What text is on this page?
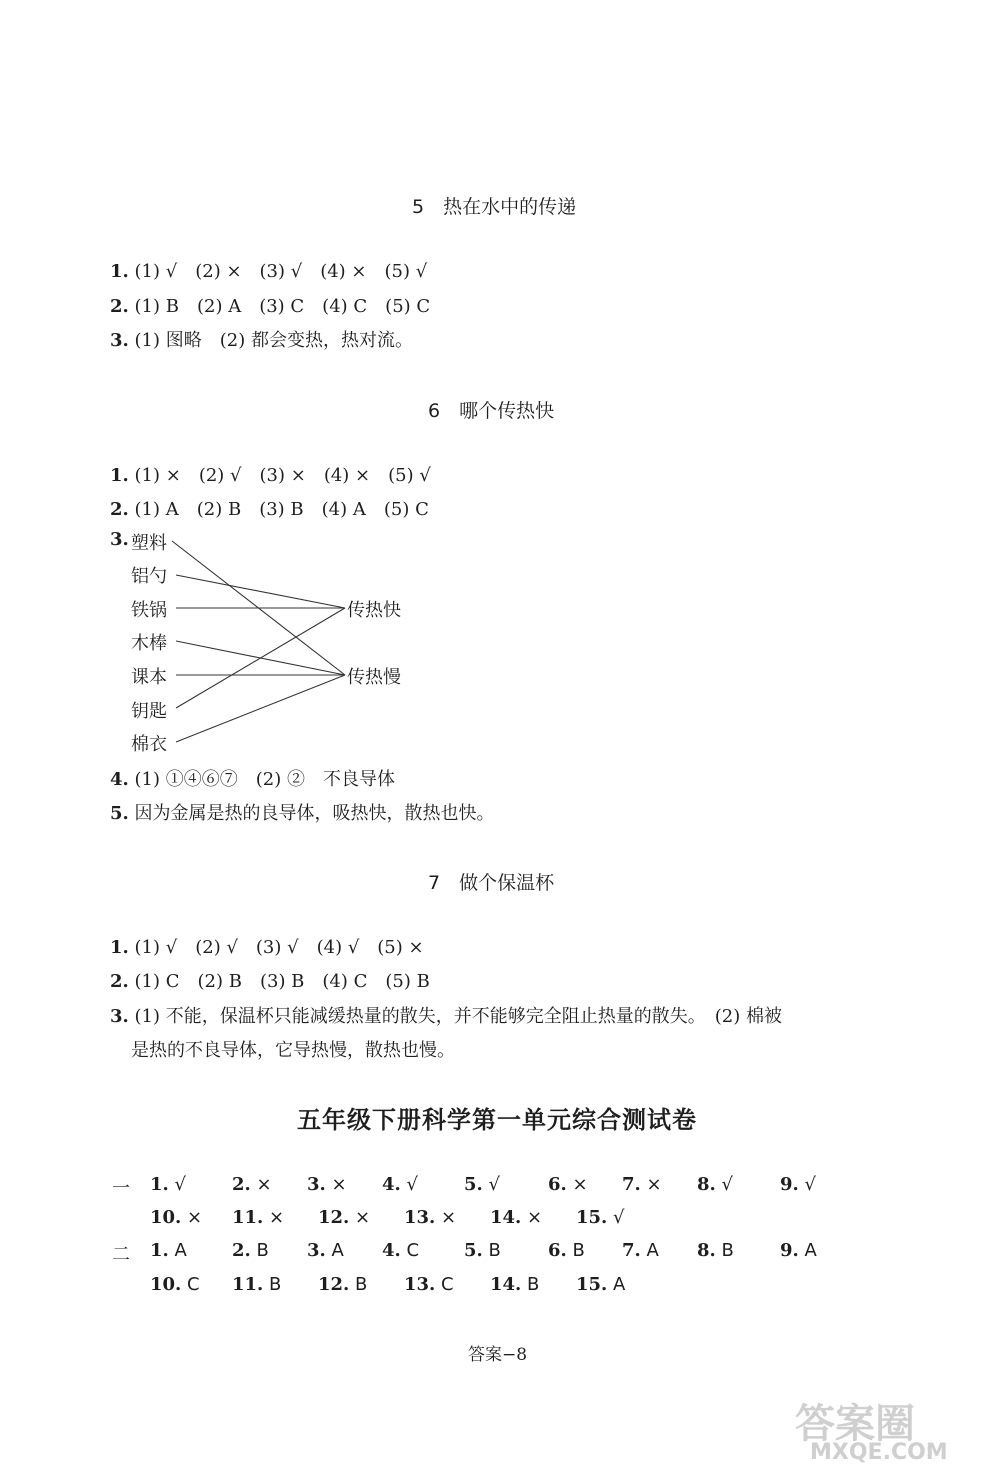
5　热在水中的传递
1. (1) √　(2) ×　(3) √　(4) ×　(5) √
2. (1) B　(2) A　(3) C　(4) C　(5) C
3. (1) 图略　(2) 都会变热，热对流。
6　哪个传热快
1. (1) ×　(2) √　(3) ×　(4) ×　(5) √
2. (1) A　(2) B　(3) B　(4) A　(5) C
3. 塑料
铝勺
铁锅
木棒
课本
钥匙
棉衣
传热快
传热慢
4. (1) ①④⑥⑦　(2) ②　不良导体
5. 因为金属是热的良导体，吸热快，散热也快。
7　做个保温杯
1. (1) √　(2) √　(3) √　(4) √　(5) ×
2. (1) C　(2) B　(3) B　(4) C　(5) B
3. (1) 不能，保温杯只能减缓热量的散失，并不能够完全阻止热量的散失。　(2) 棉被
是热的不良导体，它导热慢，散热也慢。
五年级下册科学第一单元综合测试卷
一 1. √	2. × 3. × 4. √	5. √	6. × 7. × 8. √	9. √
10. × 11. × 12. × 13. × 14. × 15. √
二 1. A	2. B 3. A 4. C 5. B	6. B 7. A 8. B	9. A
10. C 11. B 12. B 13. C 14. B 15. A
答案−8
答案圈
MXQE.COM
